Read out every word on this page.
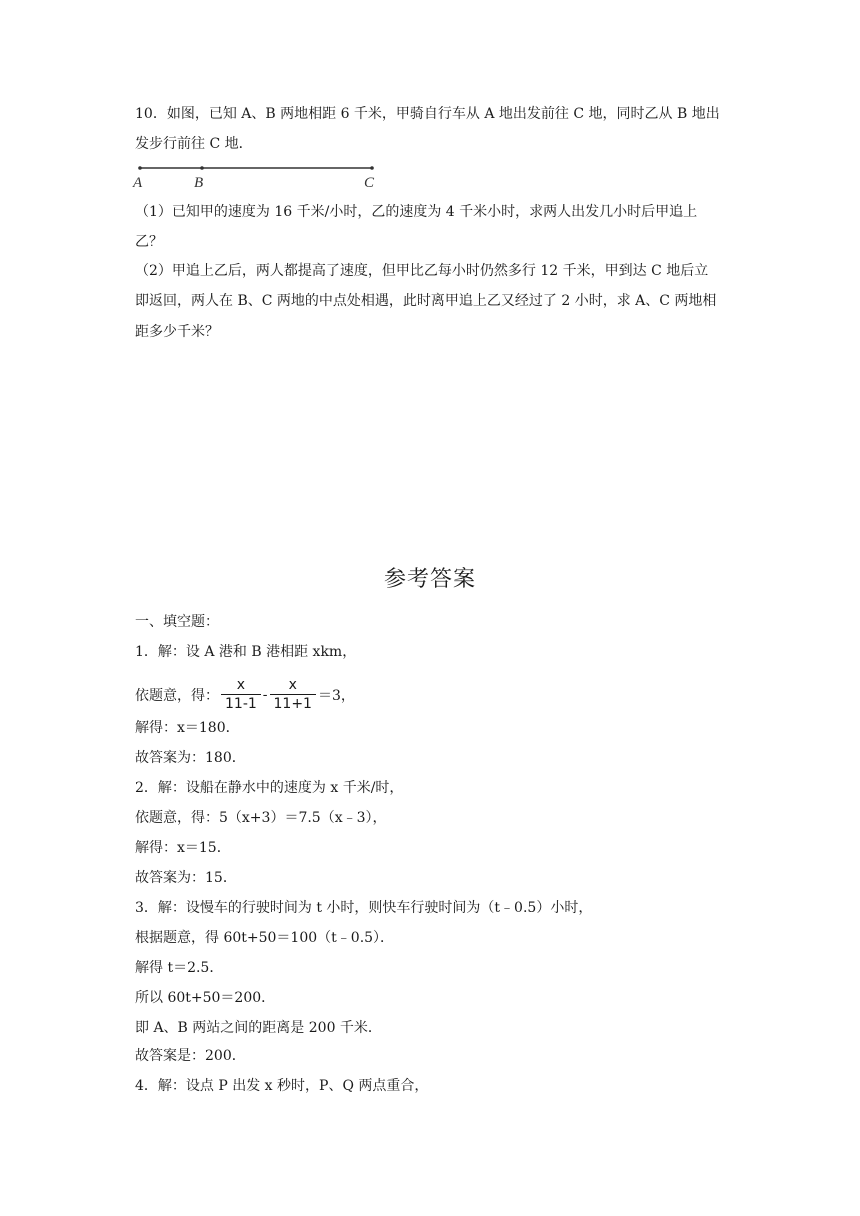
10．如图，已知 A、B 两地相距 6 千米，甲骑自行车从 A 地出发前往 C 地，同时乙从 B 地出
发步行前往 C 地．
A	B	C
（1）已知甲的速度为 16 千米/小时，乙的速度为 4 千米小时，求两人出发几小时后甲追上
乙？
（2）甲追上乙后，两人都提高了速度，但甲比乙每小时仍然多行 12 千米，甲到达 C 地后立
即返回，两人在 B、C 两地的中点处相遇，此时离甲追上乙又经过了 2 小时，求 A、C 两地相
距多少千米？
参考答案
一、填空题：
1．解：设 A 港和 B 港相距 xkm，
依题意，得： $\frac{x}{11-1} - \frac{x}{11+1} =3$，
解得：x＝180．
故答案为：180．
2．解：设船在静水中的速度为 x 千米/时，
依题意，得：5（x+3）＝7.5（x﹣3），
解得：x＝15．
故答案为：15．
3．解：设慢车的行驶时间为 t 小时，则快车行驶时间为（t﹣0.5）小时，
根据题意，得 60t+50＝100（t﹣0.5）．
解得 t＝2.5．
所以 60t+50＝200．
即 A、B 两站之间的距离是 200 千米．
故答案是：200．
4．解：设点 P 出发 x 秒时，P、Q 两点重合，
